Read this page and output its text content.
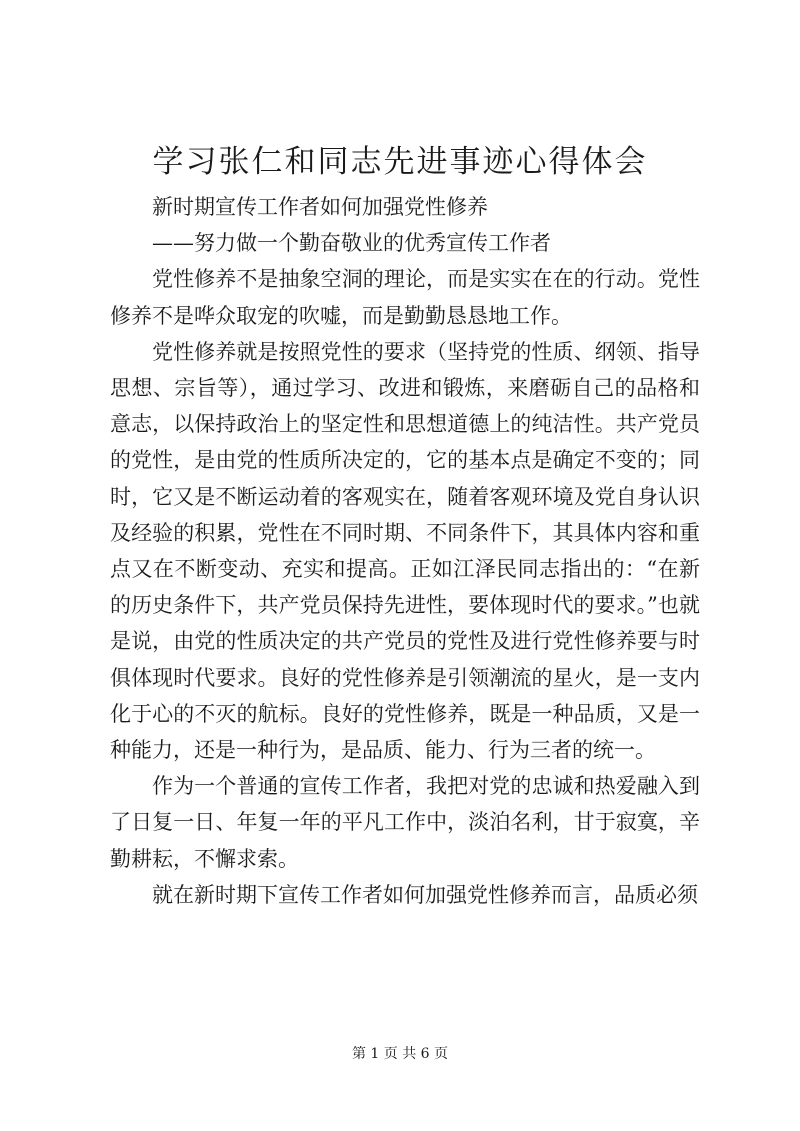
学习张仁和同志先进事迹心得体会

新时期宣传工作者如何加强党性修养

——努力做一个勤奋敬业的优秀宣传工作者

党性修养不是抽象空洞的理论，而是实实在在的行动。党性修养不是哗众取宠的吹嘘，而是勤勤恳恳地工作。

党性修养就是按照党性的要求（坚持党的性质、纲领、指导思想、宗旨等），通过学习、改进和锻炼，来磨砺自己的品格和意志，以保持政治上的坚定性和思想道德上的纯洁性。共产党员的党性，是由党的性质所决定的，它的基本点是确定不变的；同时，它又是不断运动着的客观实在，随着客观环境及党自身认识及经验的积累，党性在不同时期、不同条件下，其具体内容和重点又在不断变动、充实和提高。正如江泽民同志指出的：“在新的历史条件下，共产党员保持先进性，要体现时代的要求。”也就是说，由党的性质决定的共产党员的党性及进行党性修养要与时俱体现时代要求。良好的党性修养是引领潮流的星火，是一支内化于心的不灭的航标。良好的党性修养，既是一种品质，又是一种能力，还是一种行为，是品质、能力、行为三者的统一。

作为一个普通的宣传工作者，我把对党的忠诚和热爱融入到了日复一日、年复一年的平凡工作中，淡泊名利，甘于寂寞，辛勤耕耘，不懈求索。

就在新时期下宣传工作者如何加强党性修养而言，品质必须

第 1 页 共 6 页
